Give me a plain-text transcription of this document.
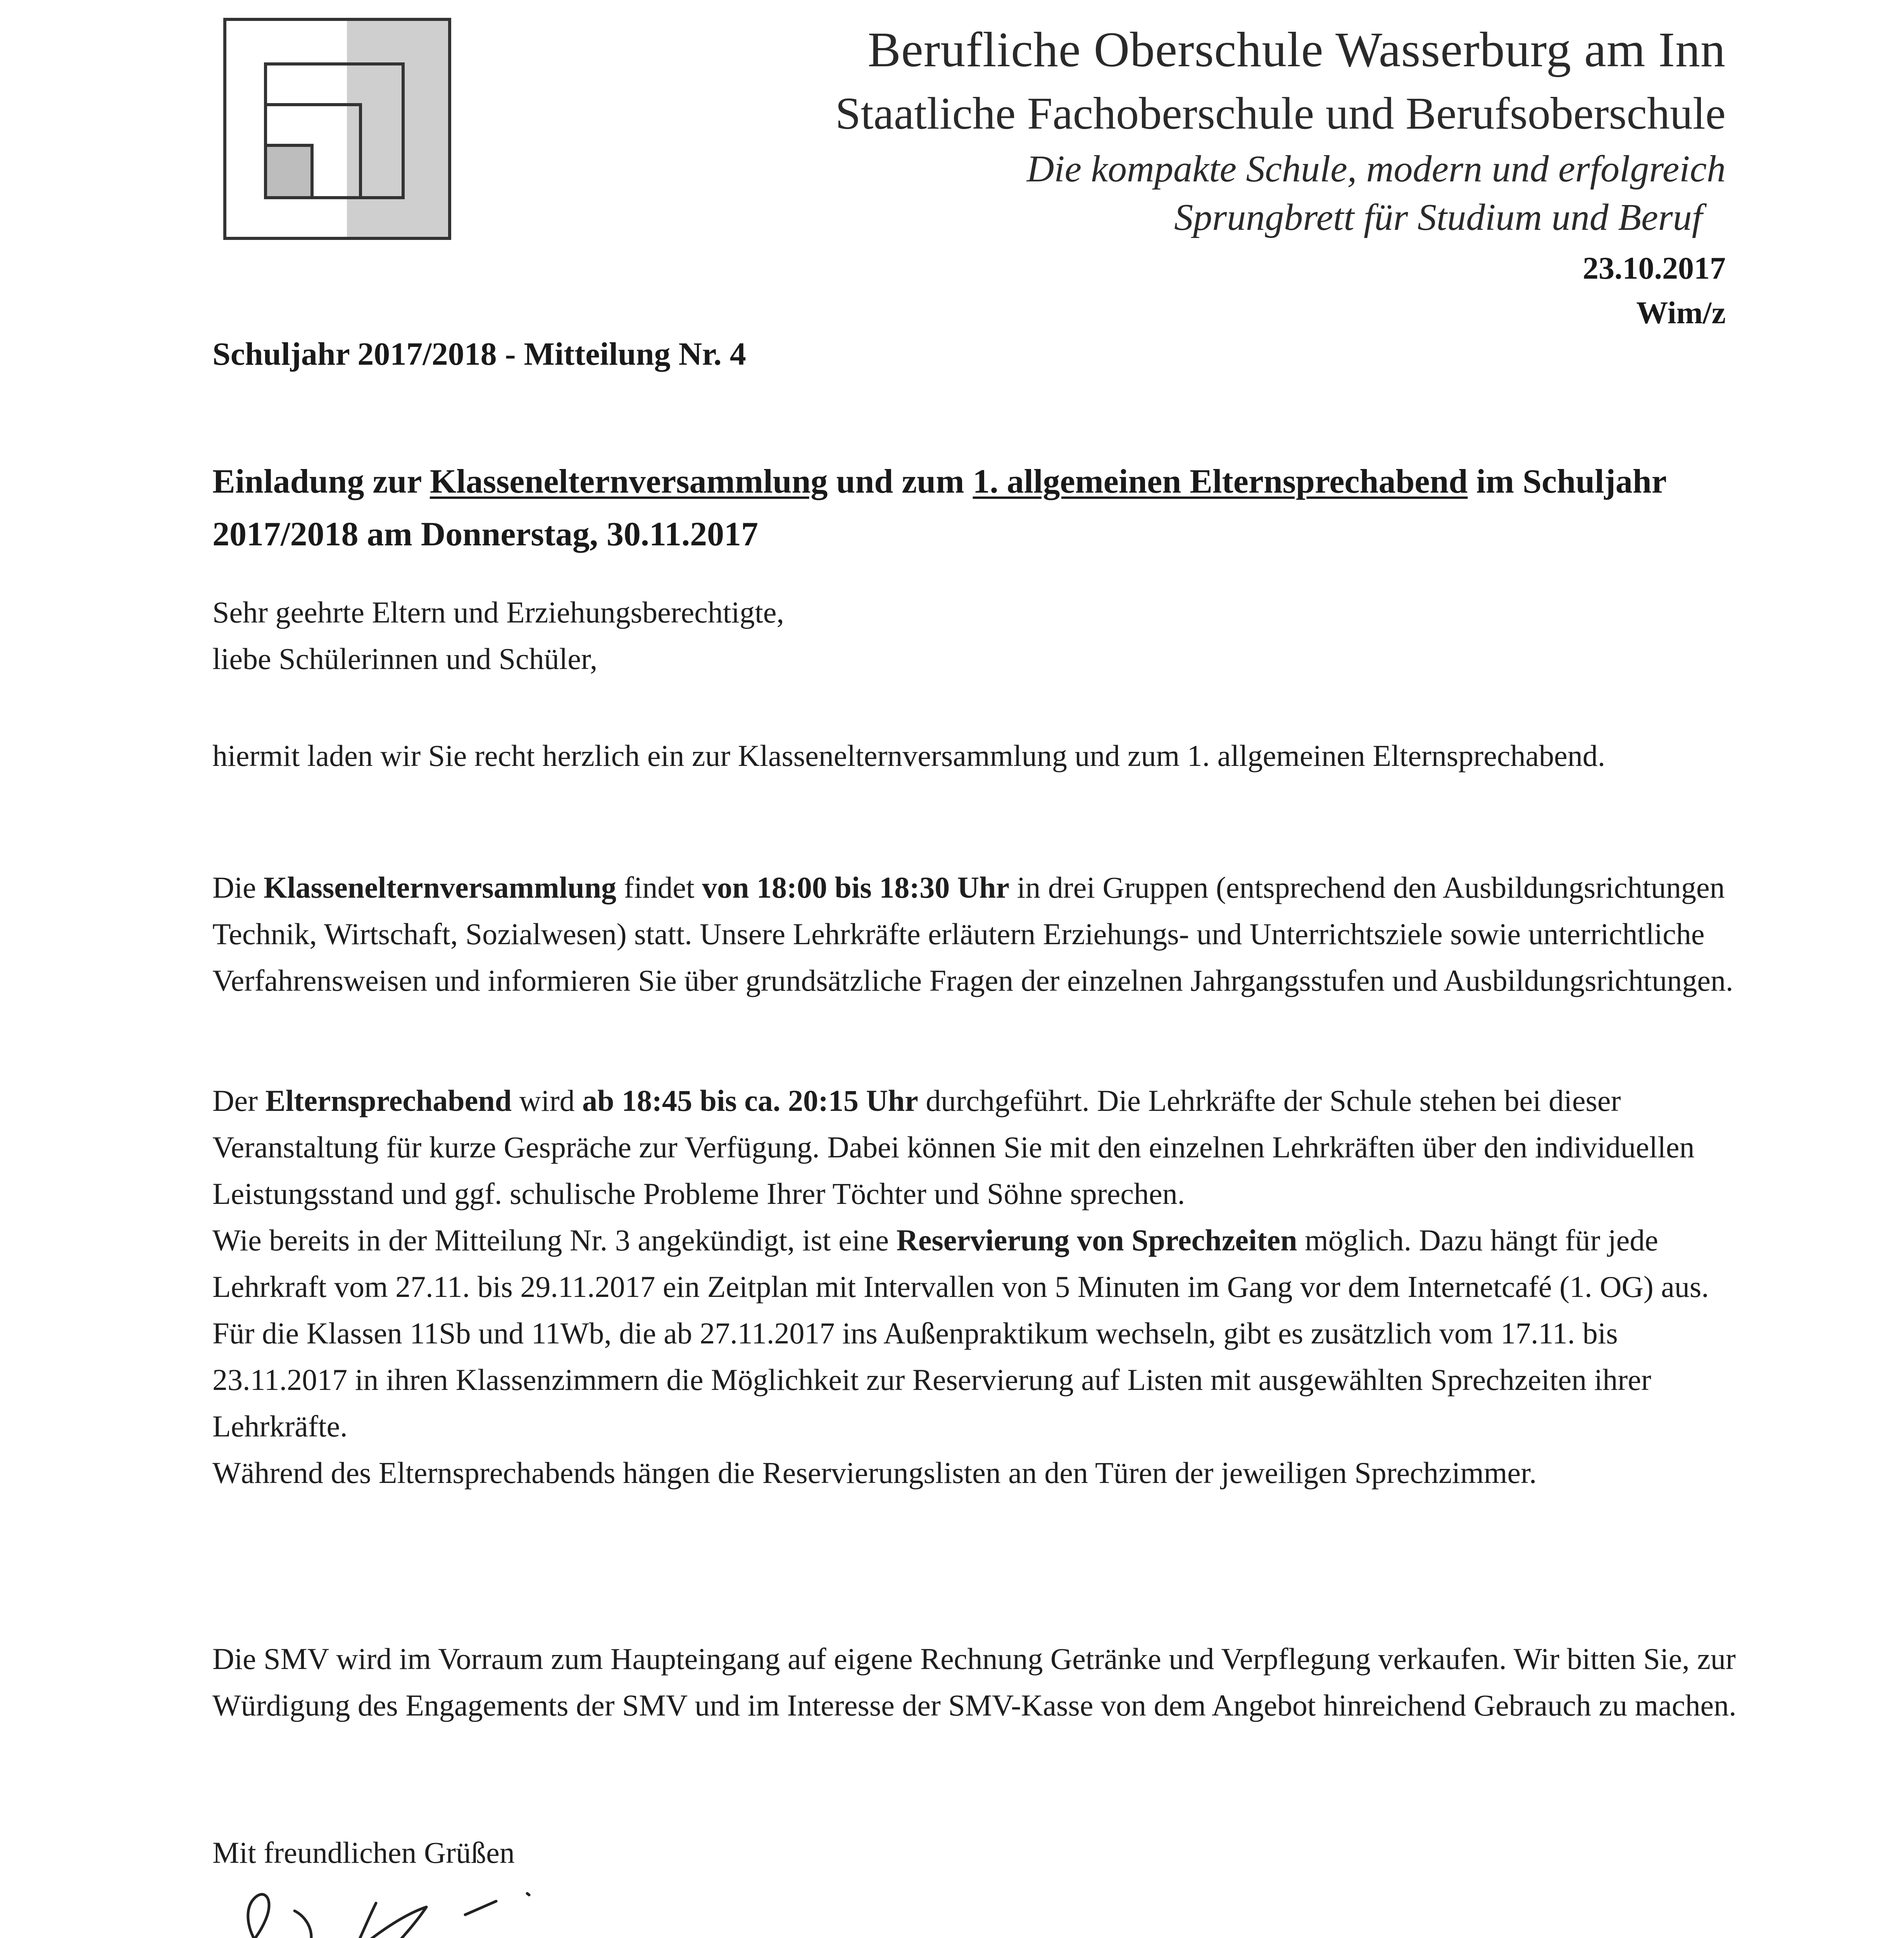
Berufliche Oberschule Wasserburg am Inn
Staatliche Fachoberschule und Berufsoberschule
Die kompakte Schule, modern und erfolgreich
Sprungbrett für Studium und Beruf
23.10.2017
Wim/z
Schuljahr 2017/2018 - Mitteilung Nr. 4
Einladung zur Klassenelternversammlung und zum 1. allgemeinen Elternsprechabend im Schuljahr 2017/2018 am Donnerstag, 30.11.2017

Sehr geehrte Eltern und Erziehungsberechtigte,

liebe Schülerinnen und Schüler,

hiermit laden wir Sie recht herzlich ein zur Klassenelternversammlung und zum 1. allgemeinen Elternsprechabend.

Die Klassenelternversammlung findet von 18:00 bis 18:30 Uhr in drei Gruppen (entsprechend den Ausbildungsrichtungen Technik, Wirtschaft, Sozialwesen) statt. Unsere Lehrkräfte erläutern Erziehungs- und Unterrichtsziele sowie unterrichtliche Verfahrensweisen und informieren Sie über grundsätzliche Fragen der einzelnen Jahrgangsstufen und Ausbildungsrichtungen.

Der Elternsprechabend wird ab 18:45 bis ca. 20:15 Uhr durchgeführt. Die Lehrkräfte der Schule stehen bei dieser Veranstaltung für kurze Gespräche zur Verfügung. Dabei können Sie mit den einzelnen Lehrkräften über den individuellen Leistungsstand und ggf. schulische Probleme Ihrer Töchter und Söhne sprechen.

Wie bereits in der Mitteilung Nr. 3 angekündigt, ist eine Reservierung von Sprechzeiten möglich. Dazu hängt für jede Lehrkraft vom 27.11. bis 29.11.2017 ein Zeitplan mit Intervallen von 5 Minuten im Gang vor dem Internetcafé (1. OG) aus. Für die Klassen 11Sb und 11Wb, die ab 27.11.2017 ins Außenpraktikum wechseln, gibt es zusätzlich vom 17.11. bis 23.11.2017 in ihren Klassenzimmern die Möglichkeit zur Reservierung auf Listen mit ausgewählten Sprechzeiten ihrer Lehrkräfte.

Während des Elternsprechabends hängen die Reservierungslisten an den Türen der jeweiligen Sprechzimmer.

Die SMV wird im Vorraum zum Haupteingang auf eigene Rechnung Getränke und Verpflegung verkaufen. Wir bitten Sie, zur Würdigung des Engagements der SMV und im Interesse der SMV-Kasse von dem Angebot hinreichend Gebrauch zu machen.

Mit freundlichen Grüßen
